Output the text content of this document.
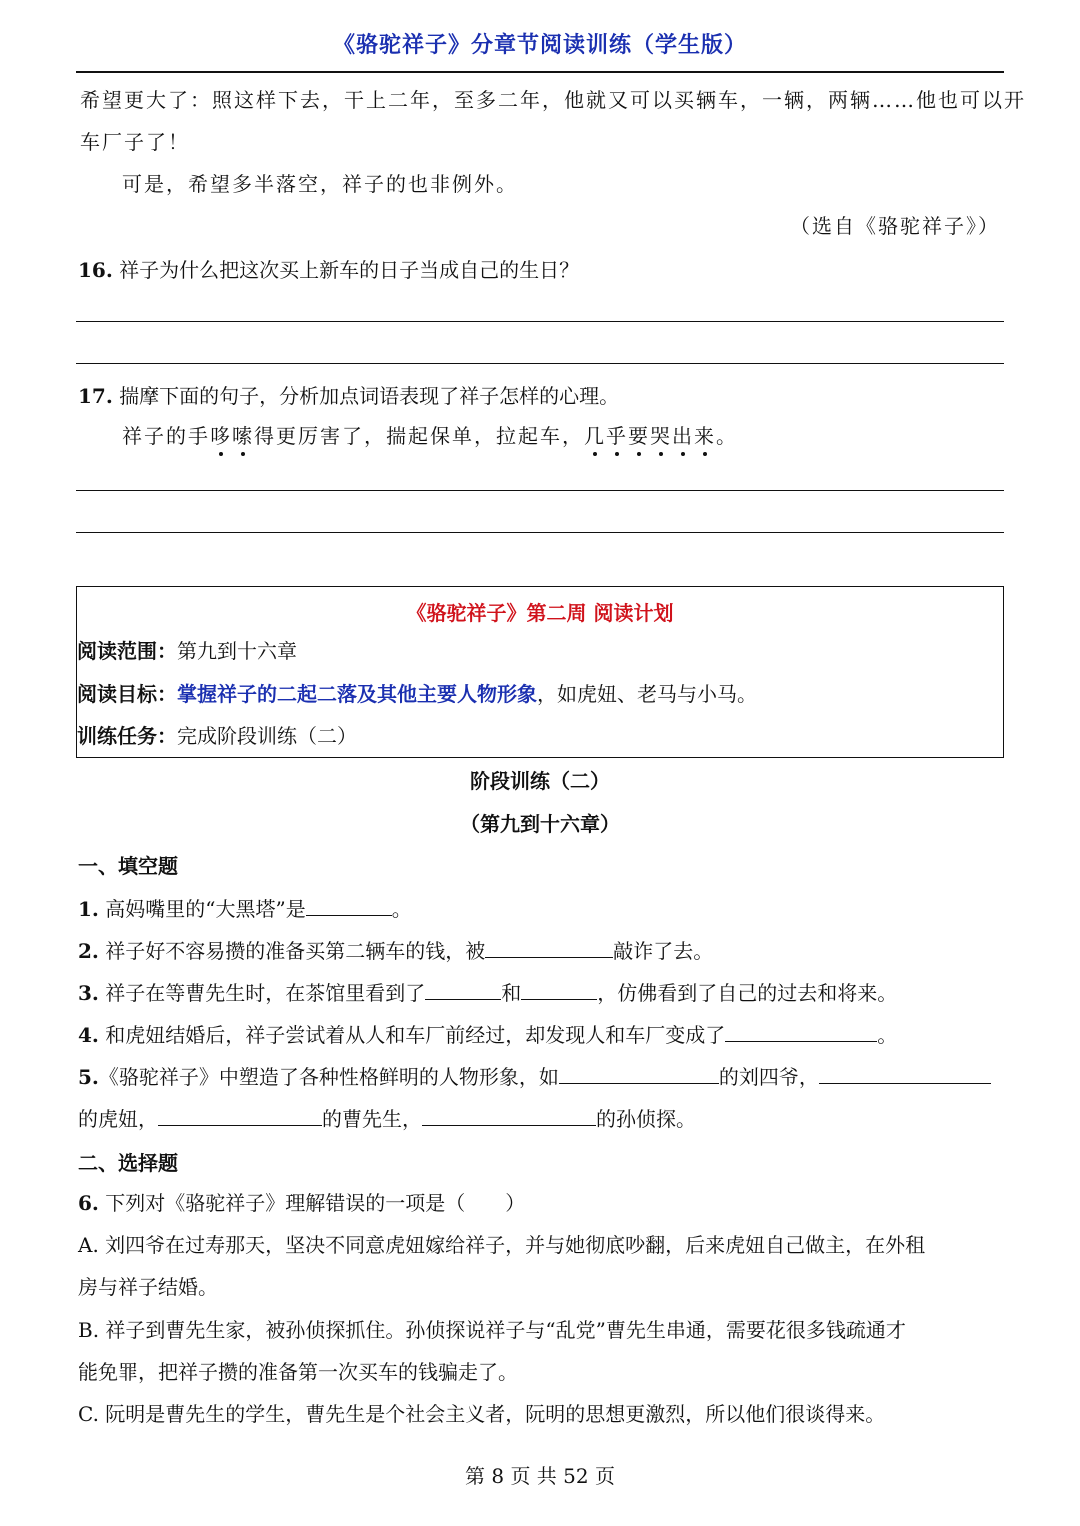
《骆驼祥子》分章节阅读训练（学生版）
希望更大了：照这样下去，干上二年，至多二年，他就又可以买辆车，一辆，两辆……他也可以开
车厂子了！
可是，希望多半落空，祥子的也非例外。
（选自《骆驼祥子》）
16. 祥子为什么把这次买上新车的日子当成自己的生日？
17. 揣摩下面的句子，分析加点词语表现了祥子怎样的心理。
祥子的手哆嗦得更厉害了，揣起保单，拉起车，几乎要哭出来。
《骆驼祥子》第二周 阅读计划
阅读范围：第九到十六章
阅读目标：掌握祥子的二起二落及其他主要人物形象，如虎妞、老马与小马。
训练任务：完成阶段训练（二）
阶段训练（二）
（第九到十六章）
一、填空题
1. 高妈嘴里的“大黑塔”是	。
2. 祥子好不容易攒的准备买第二辆车的钱，被	敲诈了去。
3. 祥子在等曹先生时，在茶馆里看到了	和	，仿佛看到了自己的过去和将来。
4. 和虎妞结婚后，祥子尝试着从人和车厂前经过，却发现人和车厂变成了	。
5.《骆驼祥子》中塑造了各种性格鲜明的人物形象，如	的刘四爷，
的虎妞，	的曹先生，	的孙侦探。
二、选择题
6. 下列对《骆驼祥子》理解错误的一项是（　　）
A. 刘四爷在过寿那天，坚决不同意虎妞嫁给祥子，并与她彻底吵翻，后来虎妞自己做主，在外租
房与祥子结婚。
B. 祥子到曹先生家，被孙侦探抓住。孙侦探说祥子与“乱党”曹先生串通，需要花很多钱疏通才
能免罪，把祥子攒的准备第一次买车的钱骗走了。
C. 阮明是曹先生的学生，曹先生是个社会主义者，阮明的思想更激烈，所以他们很谈得来。
第 8 页 共 52 页
